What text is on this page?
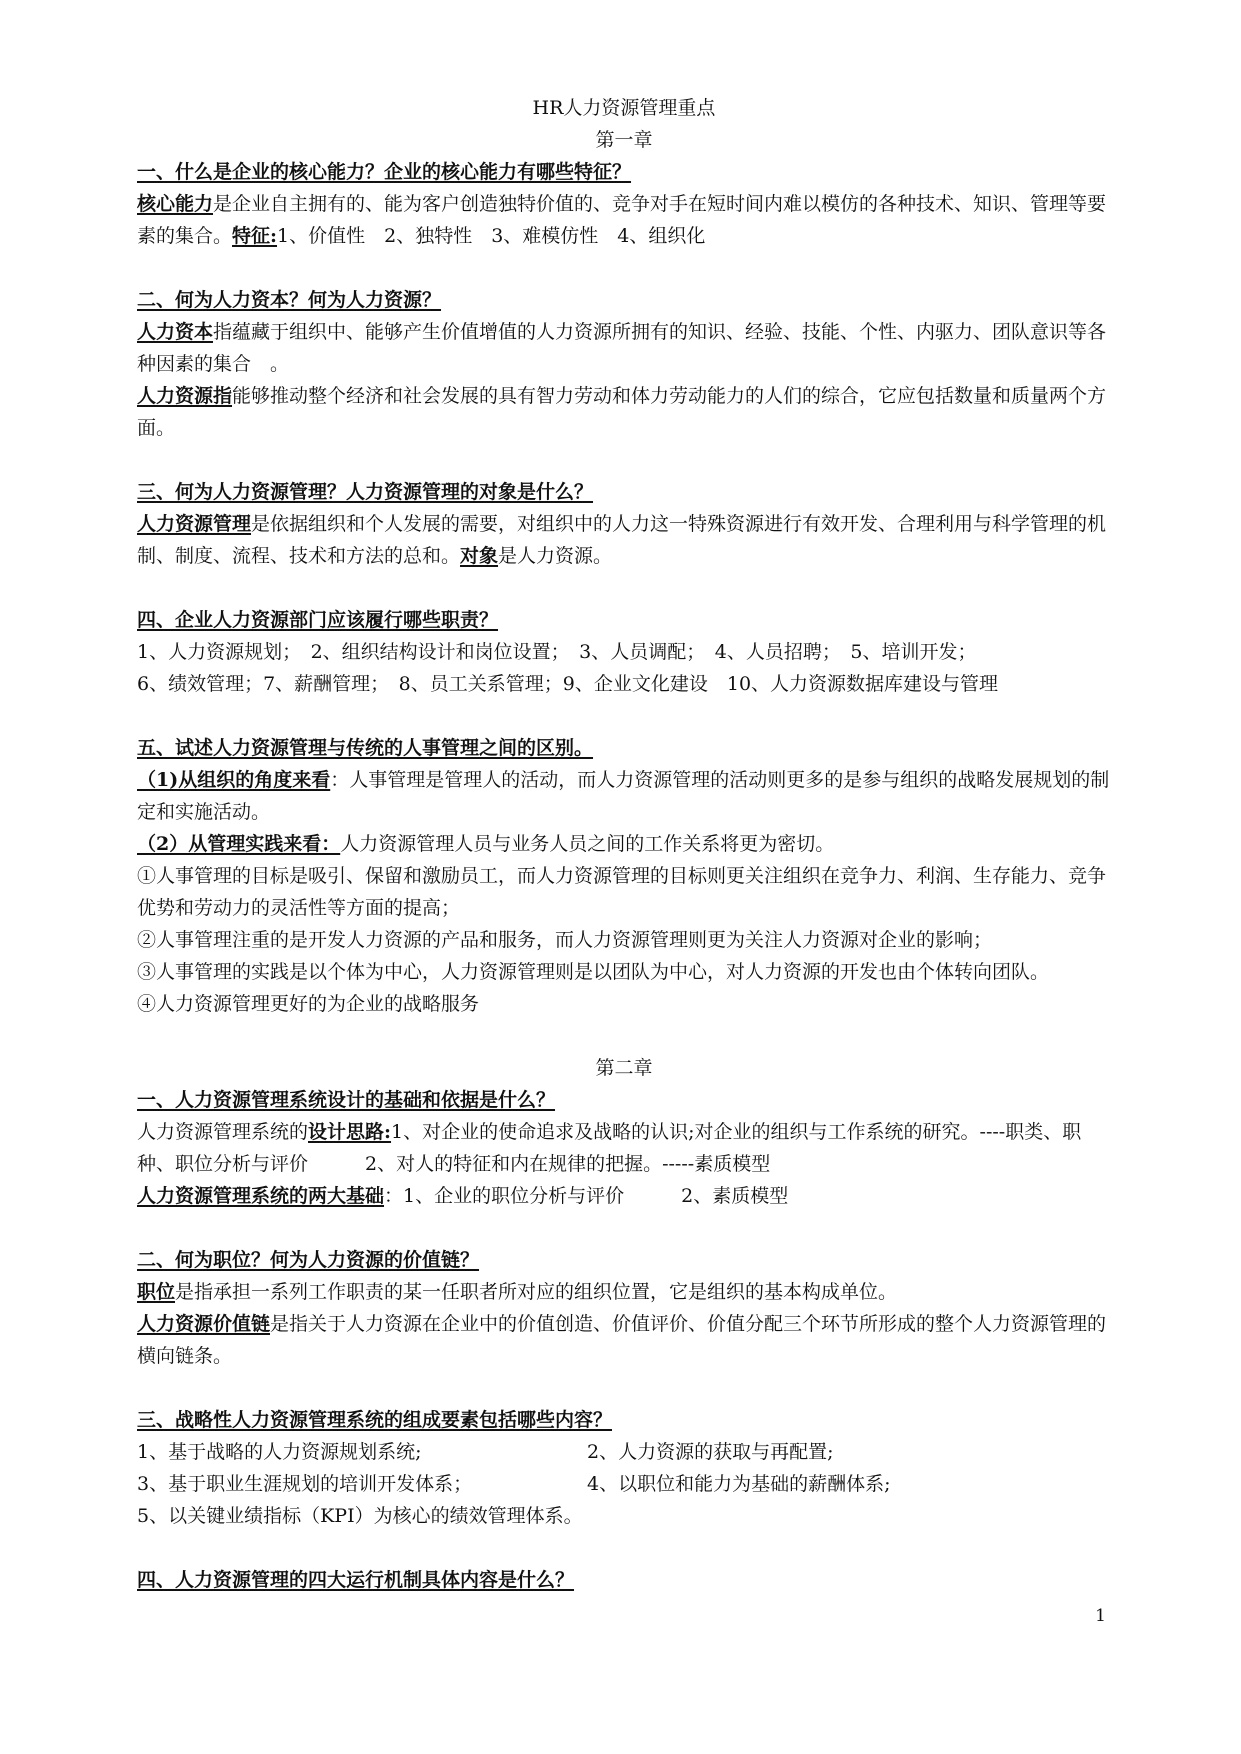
HR人力资源管理重点
第一章
一、什么是企业的核心能力？企业的核心能力有哪些特征？

核心能力是企业自主拥有的、能为客户创造独特价值的、竞争对手在短时间内难以模仿的各种技术、知识、管理等要素的集合。特征:1、价值性　2、独特性　3、难模仿性　4、组织化

二、何为人力资本？何为人力资源？

人力资本指蕴藏于组织中、能够产生价值增值的人力资源所拥有的知识、经验、技能、个性、内驱力、团队意识等各种因素的集合　。

人力资源指能够推动整个经济和社会发展的具有智力劳动和体力劳动能力的人们的综合，它应包括数量和质量两个方面。

三、何为人力资源管理？人力资源管理的对象是什么？

人力资源管理是依据组织和个人发展的需要，对组织中的人力这一特殊资源进行有效开发、合理利用与科学管理的机制、制度、流程、技术和方法的总和。对象是人力资源。

四、企业人力资源部门应该履行哪些职责？

1、人力资源规划；　2、组织结构设计和岗位设置；　3、人员调配；　4、人员招聘；　5、培训开发；

6、绩效管理；7、薪酬管理；　8、员工关系管理；9、企业文化建设　10、人力资源数据库建设与管理

五、试述人力资源管理与传统的人事管理之间的区别。

（1)从组织的角度来看：人事管理是管理人的活动，而人力资源管理的活动则更多的是参与组织的战略发展规划的制定和实施活动。

（2）从管理实践来看：人力资源管理人员与业务人员之间的工作关系将更为密切。

①人事管理的目标是吸引、保留和激励员工，而人力资源管理的目标则更关注组织在竞争力、利润、生存能力、竞争优势和劳动力的灵活性等方面的提高；

②人事管理注重的是开发人力资源的产品和服务，而人力资源管理则更为关注人力资源对企业的影响；

③人事管理的实践是以个体为中心，人力资源管理则是以团队为中心，对人力资源的开发也由个体转向团队。　　　④人力资源管理更好的为企业的战略服务

第二章
一、人力资源管理系统设计的基础和依据是什么？

人力资源管理系统的设计思路:1、对企业的使命追求及战略的认识;对企业的组织与工作系统的研究。----职类、职种、职位分析与评价　　　2、对人的特征和内在规律的把握。-----素质模型

人力资源管理系统的两大基础：1、企业的职位分析与评价　　　2、素质模型

二、何为职位？何为人力资源的价值链？

职位是指承担一系列工作职责的某一任职者所对应的组织位置，它是组织的基本构成单位。

人力资源价值链是指关于人力资源在企业中的价值创造、价值评价、价值分配三个环节所形成的整个人力资源管理的横向链条。

三、战略性人力资源管理系统的组成要素包括哪些内容？

1、基于战略的人力资源规划系统;	2、人力资源的获取与再配置;

3、基于职业生涯规划的培训开发体系；	4、以职位和能力为基础的薪酬体系;

5、以关键业绩指标（KPI）为核心的绩效管理体系。

四、人力资源管理的四大运行机制具体内容是什么？
1
